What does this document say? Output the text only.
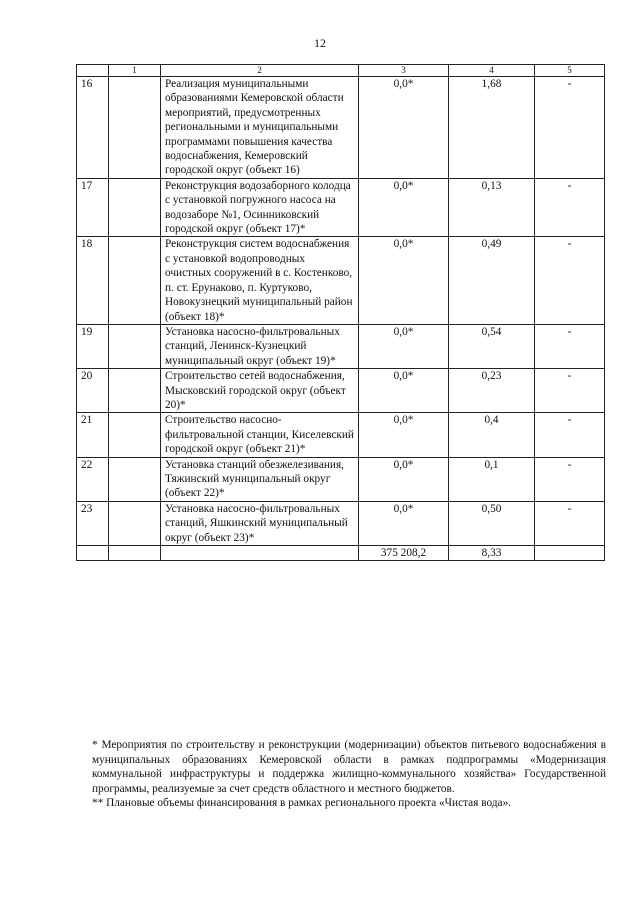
12
	1	2	3	4	5
16		Реализация муниципальными образованиями Кемеровской области мероприятий, предусмотренных региональными и муниципальными программами повышения качества водоснабжения, Кемеровский городской округ (объект 16)	0,0*	1,68	-
17		Реконструкция водозаборного колодца с установкой погружного насоса на водозаборе №1, Осинниковский городской округ (объект 17)*	0,0*	0,13	-
18		Реконструкция систем водоснабжения с установкой водопроводных очистных сооружений в с. Костенково, п. ст. Ерунаково, п. Куртуково, Новокузнецкий муниципальный район (объект 18)*	0,0*	0,49	-
19		Установка насосно-фильтровальных станций, Ленинск-Кузнецкий муниципальный округ (объект 19)*	0,0*	0,54	-
20		Строительство сетей водоснабжения, Мысковский городской округ (объект 20)*	0,0*	0,23	-
21		Строительство насосно-фильтровальной станции, Киселевский городской округ (объект 21)*	0,0*	0,4	-
22		Установка станций обезжелезивания, Тяжинский муниципальный округ (объект 22)*	0,0*	0,1	-
23		Установка насосно-фильтровальных станций, Яшкинский муниципальный округ (объект 23)*	0,0*	0,50	-
			375 208,2	8,33	

* Мероприятия по строительству и реконструкции (модернизации) объектов питьевого водоснабжения в муниципальных образованиях Кемеровской области в рамках подпрограммы «Модернизация коммунальной инфраструктуры и поддержка жилищно-коммунального хозяйства» Государственной программы, реализуемые за счет средств областного и местного бюджетов.

** Плановые объемы финансирования в рамках регионального проекта «Чистая вода».
